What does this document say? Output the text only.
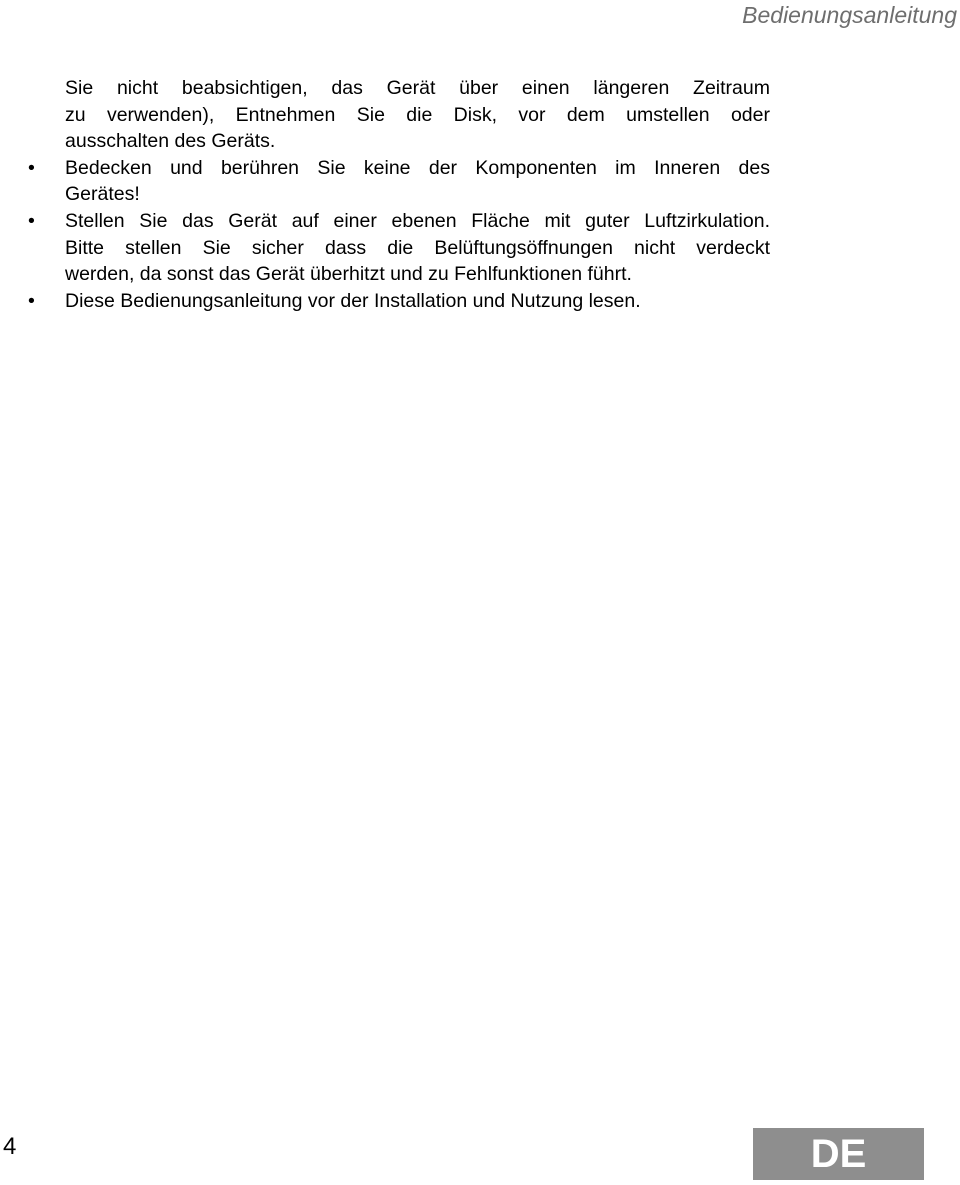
Bedienungsanleitung

Sie nicht beabsichtigen, das Gerät über einen längeren Zeitraum
zu verwenden), Entnehmen Sie die Disk, vor dem umstellen oder
ausschalten des Geräts.

• Bedecken und berühren Sie keine der Komponenten im Inneren des
Gerätes!

• Stellen Sie das Gerät auf einer ebenen Fläche mit guter Luftzirkulation.
Bitte stellen Sie sicher dass die Belüftungsöffnungen nicht verdeckt
werden, da sonst das Gerät überhitzt und zu Fehlfunktionen führt.

• Diese Bedienungsanleitung vor der Installation und Nutzung lesen.

4	DE
